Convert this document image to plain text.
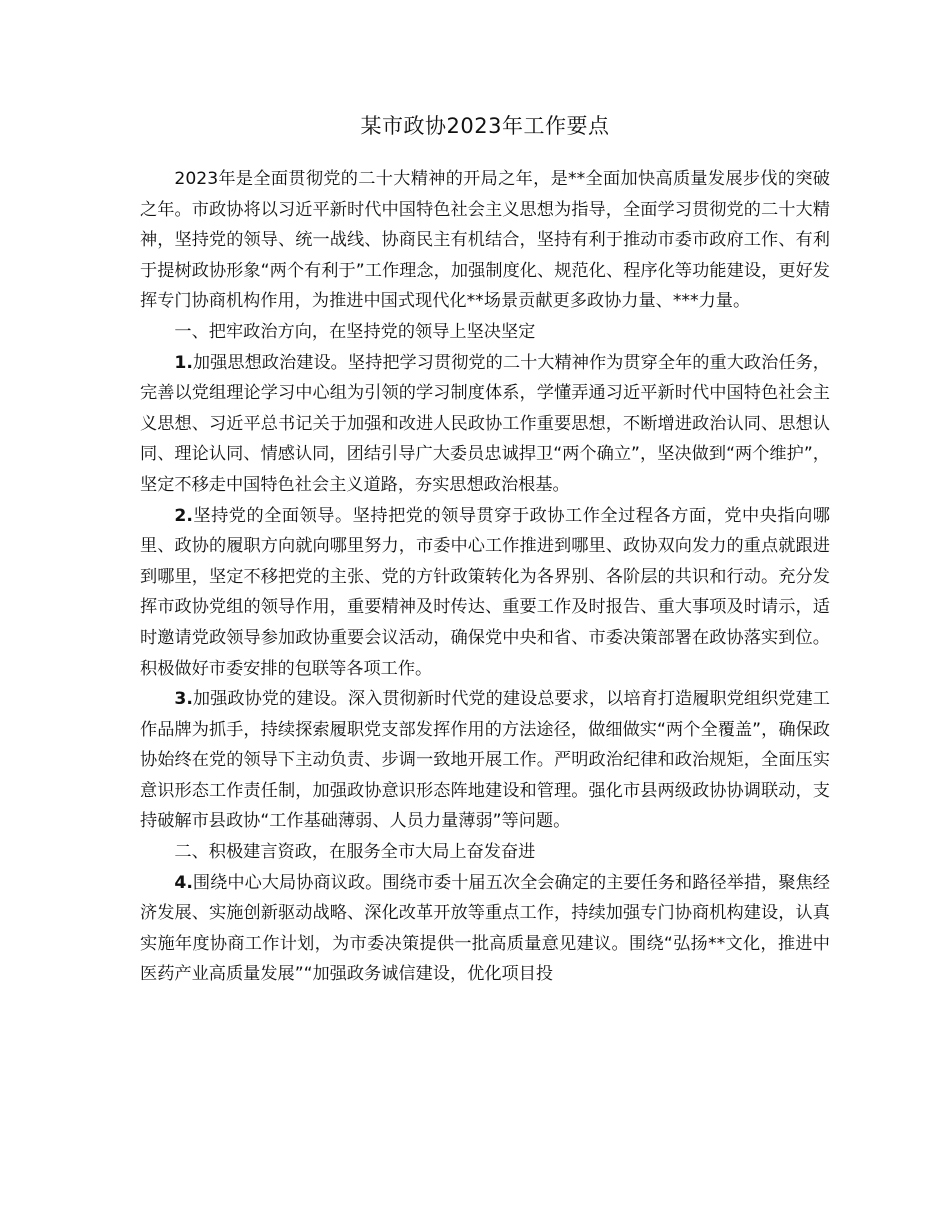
某市政协2023年工作要点

2023年是全面贯彻党的二十大精神的开局之年，是**全面加快高质量发展步伐的突破之年。市政协将以习近平新时代中国特色社会主义思想为指导，全面学习贯彻党的二十大精神，坚持党的领导、统一战线、协商民主有机结合，坚持有利于推动市委市政府工作、有利于提树政协形象“两个有利于”工作理念，加强制度化、规范化、程序化等功能建设，更好发挥专门协商机构作用，为推进中国式现代化**场景贡献更多政协力量、***力量。

一、把牢政治方向，在坚持党的领导上坚决坚定

1.加强思想政治建设。坚持把学习贯彻党的二十大精神作为贯穿全年的重大政治任务，完善以党组理论学习中心组为引领的学习制度体系，学懂弄通习近平新时代中国特色社会主义思想、习近平总书记关于加强和改进人民政协工作重要思想，不断增进政治认同、思想认同、理论认同、情感认同，团结引导广大委员忠诚捍卫“两个确立”，坚决做到“两个维护”，坚定不移走中国特色社会主义道路，夯实思想政治根基。

2.坚持党的全面领导。坚持把党的领导贯穿于政协工作全过程各方面，党中央指向哪里、政协的履职方向就向哪里努力，市委中心工作推进到哪里、政协双向发力的重点就跟进到哪里，坚定不移把党的主张、党的方针政策转化为各界别、各阶层的共识和行动。充分发挥市政协党组的领导作用，重要精神及时传达、重要工作及时报告、重大事项及时请示，适时邀请党政领导参加政协重要会议活动，确保党中央和省、市委决策部署在政协落实到位。积极做好市委安排的包联等各项工作。

3.加强政协党的建设。深入贯彻新时代党的建设总要求，以培育打造履职党组织党建工作品牌为抓手，持续探索履职党支部发挥作用的方法途径，做细做实“两个全覆盖”，确保政协始终在党的领导下主动负责、步调一致地开展工作。严明政治纪律和政治规矩，全面压实意识形态工作责任制，加强政协意识形态阵地建设和管理。强化市县两级政协协调联动，支持破解市县政协“工作基础薄弱、人员力量薄弱”等问题。

二、积极建言资政，在服务全市大局上奋发奋进

4.围绕中心大局协商议政。围绕市委十届五次全会确定的主要任务和路径举措，聚焦经济发展、实施创新驱动战略、深化改革开放等重点工作，持续加强专门协商机构建设，认真实施年度协商工作计划，为市委决策提供一批高质量意见建议。围绕“弘扬**文化，推进中医药产业高质量发展”“加强政务诚信建设，优化项目投
